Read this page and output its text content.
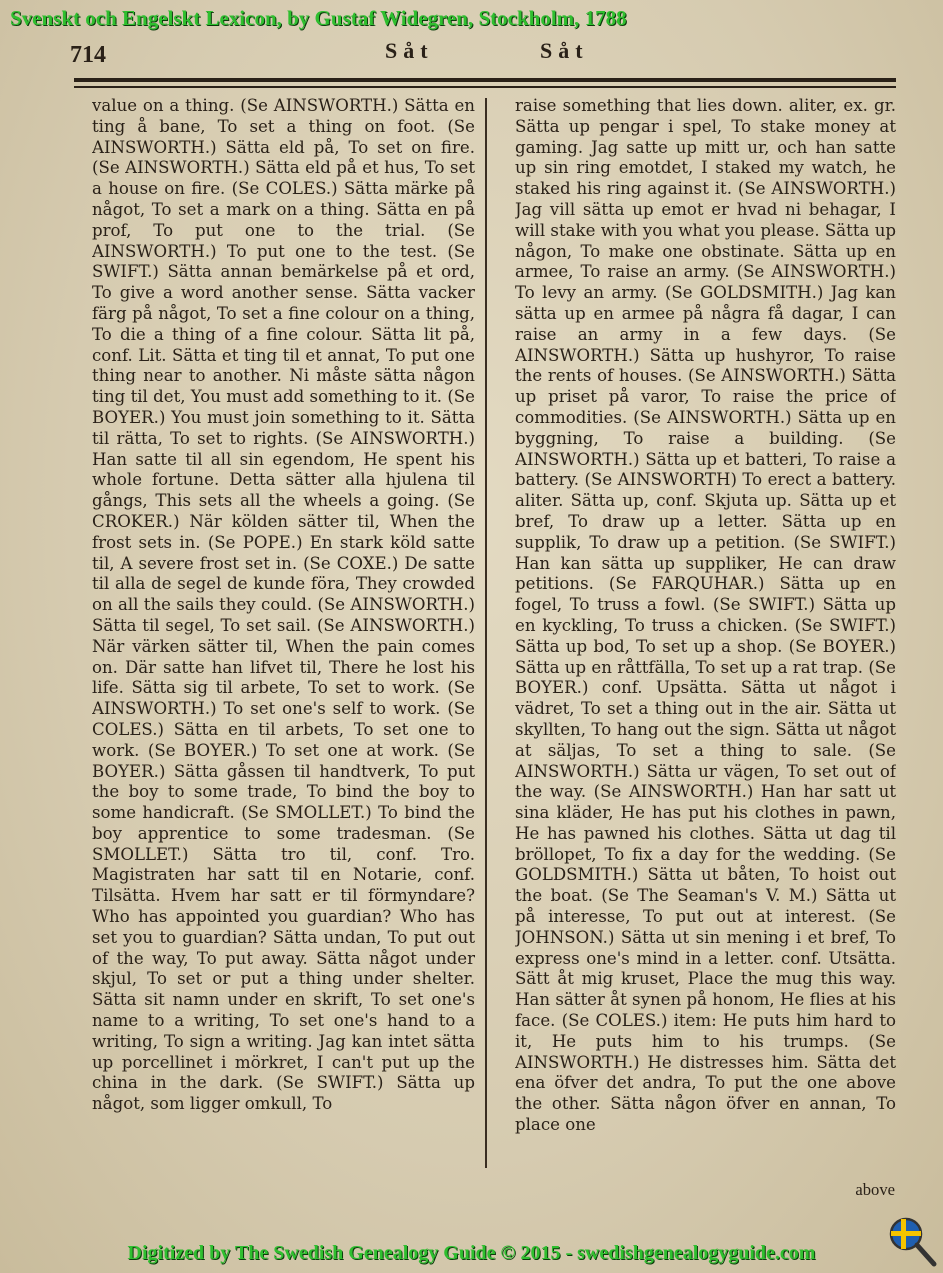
Svenskt och Engelskt Lexicon, by Gustaf Widegren, Stockholm, 1788
714	Såt	Såt
value on a thing. (Se AINSWORTH.) Sätta en ting å bane, To set a thing on foot. (Se AINSWORTH.) Sätta eld på, To set on fire. (Se AINSWORTH.) Sätta eld på et hus, To set a house on fire. (Se COLES.) Sätta märke på något, To set a mark on a thing. Sätta en på prof, To put one to the trial. (Se AINSWORTH.) To put one to the test. (Se SWIFT.) Sätta annan bemärkelse på et ord, To give a word another sense. Sätta vacker färg på något, To set a fine colour on a thing, To die a thing of a fine colour. Sätta lit på, conf. Lit. Sätta et ting til et annat, To put one thing near to another. Ni måste sätta någon ting til det, You must add something to it. (Se BOYER.) You must join something to it. Sätta til rätta, To set to rights. (Se AINSWORTH.) Han satte til all sin egendom, He spent his whole fortune. Detta sätter alla hjulena til gångs, This sets all the wheels a going. (Se CROKER.) När kölden sätter til, When the frost sets in. (Se POPE.) En stark köld satte til, A severe frost set in. (Se COXE.) De satte til alla de segel de kunde föra, They crowded on all the sails they could. (Se AINSWORTH.) Sätta til segel, To set sail. (Se AINSWORTH.) När värken sätter til, When the pain comes on. Där satte han lifvet til, There he lost his life. Sätta sig til arbete, To set to work. (Se AINSWORTH.) To set one's self to work. (Se COLES.) Sätta en til arbets, To set one to work. (Se BOYER.) To set one at work. (Se BOYER.) Sätta gåssen til handtverk, To put the boy to some trade, To bind the boy to some handicraft. (Se SMOLLET.) To bind the boy apprentice to some tradesman. (Se SMOLLET.) Sätta tro til, conf. Tro. Magistraten har satt til en Notarie, conf. Tilsätta. Hvem har satt er til förmyndare? Who has appointed you guardian? Who has set you to guardian? Sätta undan, To put out of the way, To put away. Sätta något under skjul, To set or put a thing under shelter. Sätta sit namn under en skrift, To set one's name to a writing, To set one's hand to a writing, To sign a writing. Jag kan intet sätta up porcellinet i mörkret, I can't put up the china in the dark. (Se SWIFT.) Sätta up något, som ligger omkull, To
raise something that lies down. aliter, ex. gr. Sätta up pengar i spel, To stake money at gaming. Jag satte up mitt ur, och han satte up sin ring emotdet, I staked my watch, he staked his ring against it. (Se AINSWORTH.) Jag vill sätta up emot er hvad ni behagar, I will stake with you what you please. Sätta up någon, To make one obstinate. Sätta up en armee, To raise an army. (Se AINSWORTH.) To levy an army. (Se GOLDSMITH.) Jag kan sätta up en armee på några få dagar, I can raise an army in a few days. (Se AINSWORTH.) Sätta up hushyror, To raise the rents of houses. (Se AINSWORTH.) Sätta up priset på varor, To raise the price of commodities. (Se AINSWORTH.) Sätta up en byggning, To raise a building. (Se AINSWORTH.) Sätta up et batteri, To raise a battery. (Se AINSWORTH) To erect a battery. aliter. Sätta up, conf. Skjuta up. Sätta up et bref, To draw up a letter. Sätta up en supplik, To draw up a petition. (Se SWIFT.) Han kan sätta up suppliker, He can draw petitions. (Se FARQUHAR.) Sätta up en fogel, To truss a fowl. (Se SWIFT.) Sätta up en kyckling, To truss a chicken. (Se SWIFT.) Sätta up bod, To set up a shop. (Se BOYER.) Sätta up en råttfälla, To set up a rat trap. (Se BOYER.) conf. Upsätta. Sätta ut något i vädret, To set a thing out in the air. Sätta ut skyllten, To hang out the sign. Sätta ut något at säljas, To set a thing to sale. (Se AINSWORTH.) Sätta ur vägen, To set out of the way. (Se AINSWORTH.) Han har satt ut sina kläder, He has put his clothes in pawn, He has pawned his clothes. Sätta ut dag til bröllopet, To fix a day for the wedding. (Se GOLDSMITH.) Sätta ut båten, To hoist out the boat. (Se The Seaman's V. M.) Sätta ut på interesse, To put out at interest. (Se JOHNSON.) Sätta ut sin mening i et bref, To express one's mind in a letter. conf. Utsätta. Sätt åt mig kruset, Place the mug this way. Han sätter åt synen på honom, He flies at his face. (Se COLES.) item: He puts him hard to it, He puts him to his trumps. (Se AINSWORTH.) He distresses him. Sätta det ena öfver det andra, To put the one above the other. Sätta någon öfver en annan, To place one
above
Digitized by The Swedish Genealogy Guide © 2015 - swedishgenealogyguide.com
